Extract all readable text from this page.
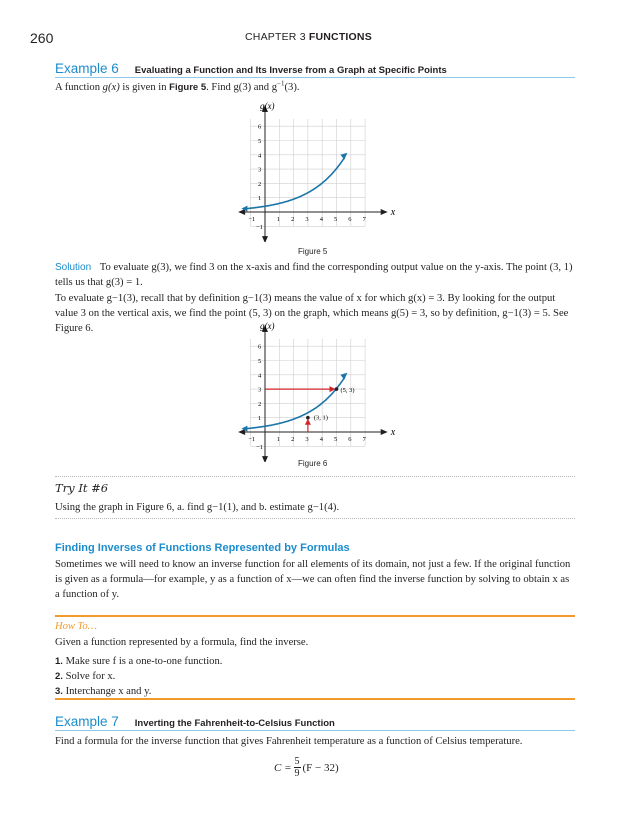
260	CHAPTER 3 FUNCTIONS
Example 6 Evaluating a Function and Its Inverse from a Graph at Specific Points
A function g(x) is given in Figure 5. Find g(3) and $g^{-1}(3)$.
−1	1 2 3 4 5 6 7
−1
1
2
3
4
5
6
g(x)
x
Figure 5
Solution To evaluate g(3), we find 3 on the x-axis and find the corresponding output value on the y-axis. The point (3, 1) tells us that g(3) = 1.
To evaluate g−1(3), recall that by definition g−1(3) means the value of x for which g(x) = 3. By looking for the output value 3 on the vertical axis, we find the point (5, 3) on the graph, which means g(5) = 3, so by definition, g−1(3) = 5. See Figure 6.
−1	1 2 3 4 5 6 7
−1
1
2
3
4
5
6
g(x)
x
(5, 3)
(3, 1)
Figure 6
Try It #6
Using the graph in Figure 6, a. find g−1(1), and b. estimate g−1(4).
Finding Inverses of Functions Represented by Formulas
Sometimes we will need to know an inverse function for all elements of its domain, not just a few. If the original function is given as a formula—for example, y as a function of x—we can often find the inverse function by solving to obtain x as a function of y.
How To…
Given a function represented by a formula, find the inverse.
1. Make sure f is a one-to-one function.
2. Solve for x.
3. Interchange x and y.
Example 7 Inverting the Fahrenheit-to-Celsius Function
Find a formula for the inverse function that gives Fahrenheit temperature as a function of Celsius temperature.
$C = \frac{5}{9} (F - 32)$
